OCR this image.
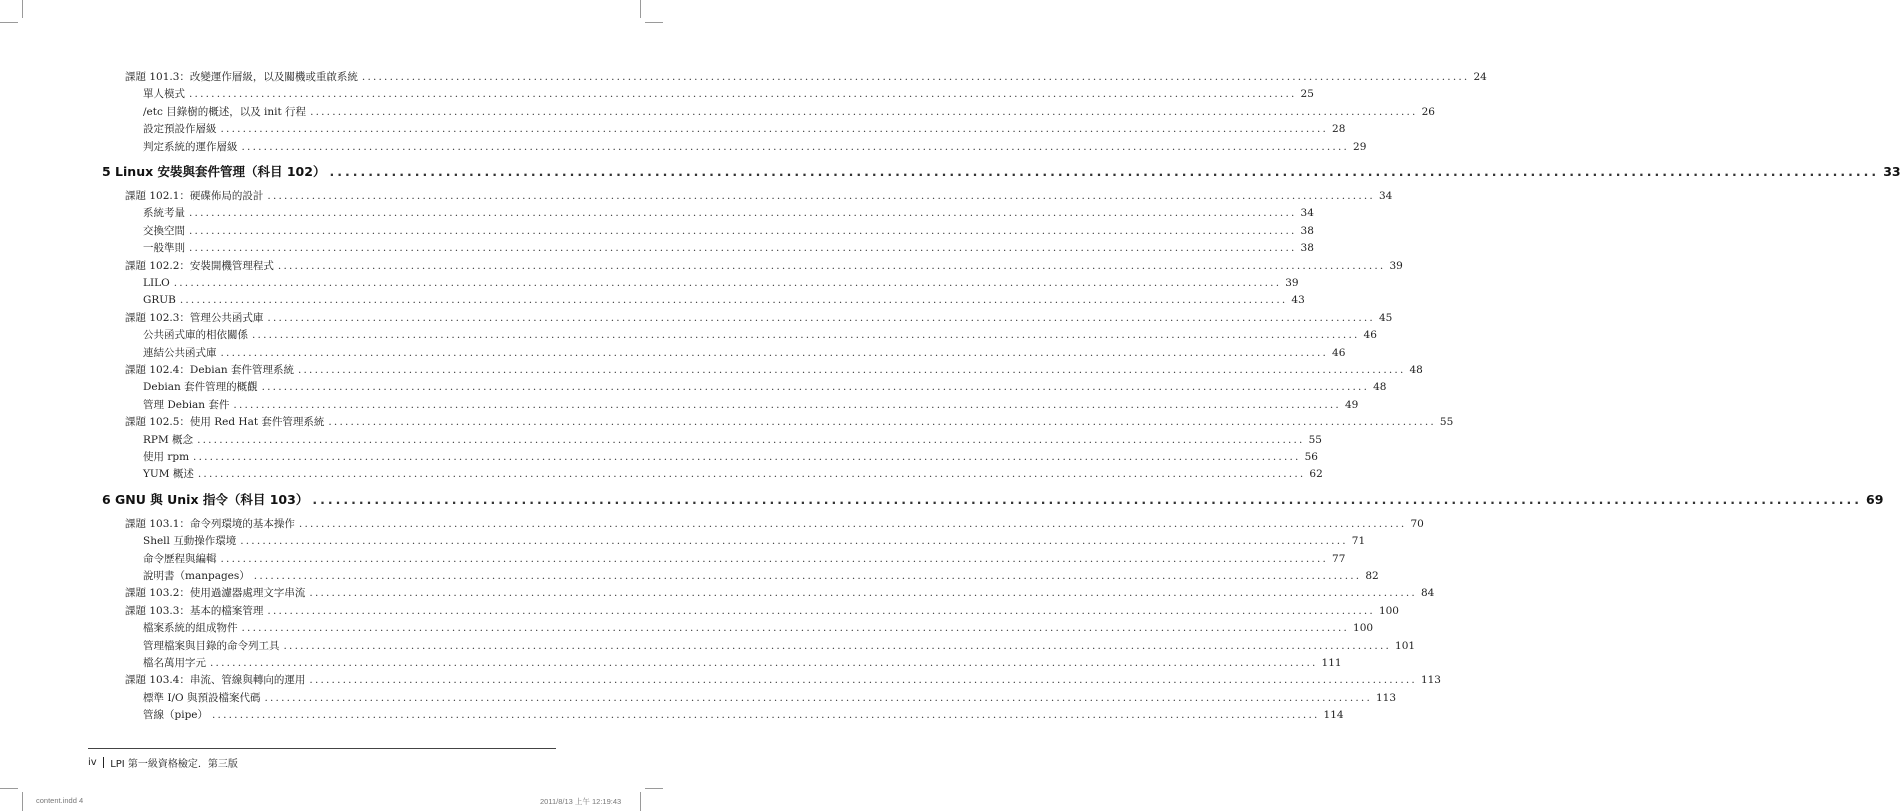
課題 101.3：改變運作層級，以及關機或重啟系統 ........................................................................................................................................................................................................ 24
單人模式 ........................................................................................................................................................................................................ 25
/etc 目錄樹的概述，以及 init 行程 ........................................................................................................................................................................................................ 26
設定預設作層級 ........................................................................................................................................................................................................ 28
判定系統的運作層級 ........................................................................................................................................................................................................ 29
5 Linux 安裝與套件管理（科目 102） ........................................................................................................................................................................................................ 33
課題 102.1：硬碟佈局的設計 ........................................................................................................................................................................................................ 34
系統考量 ........................................................................................................................................................................................................ 34
交換空間 ........................................................................................................................................................................................................ 38
一般準則 ........................................................................................................................................................................................................ 38
課題 102.2：安裝開機管理程式 ........................................................................................................................................................................................................ 39
LILO ........................................................................................................................................................................................................ 39
GRUB ........................................................................................................................................................................................................ 43
課題 102.3：管理公共函式庫 ........................................................................................................................................................................................................ 45
公共函式庫的相依關係 ........................................................................................................................................................................................................ 46
連結公共函式庫 ........................................................................................................................................................................................................ 46
課題 102.4：Debian 套件管理系統 ........................................................................................................................................................................................................ 48
Debian 套件管理的概觀 ........................................................................................................................................................................................................ 48
管理 Debian 套件 ........................................................................................................................................................................................................ 49
課題 102.5：使用 Red Hat 套件管理系統 ........................................................................................................................................................................................................ 55
RPM 概念 ........................................................................................................................................................................................................ 55
使用 rpm ........................................................................................................................................................................................................ 56
YUM 概述 ........................................................................................................................................................................................................ 62
6 GNU 與 Unix 指令（科目 103） ........................................................................................................................................................................................................ 69
課題 103.1：命令列環境的基本操作 ........................................................................................................................................................................................................ 70
Shell 互動操作環境 ........................................................................................................................................................................................................ 71
命令歷程與編輯 ........................................................................................................................................................................................................ 77
說明書（manpages） ........................................................................................................................................................................................................ 82
課題 103.2：使用過濾器處理文字串流 ........................................................................................................................................................................................................ 84
課題 103.3：基本的檔案管理 ........................................................................................................................................................................................................ 100
檔案系統的組成物件 ........................................................................................................................................................................................................ 100
管理檔案與目錄的命令列工具 ........................................................................................................................................................................................................ 101
檔名萬用字元 ........................................................................................................................................................................................................ 111
課題 103.4：串流、管線與轉向的運用 ........................................................................................................................................................................................................ 113
標準 I/O 與預設檔案代碼 ........................................................................................................................................................................................................ 113
管線（pipe） ........................................................................................................................................................................................................ 114
iv LPI 第一級資格檢定．第三版
content.indd 4	2011/8/13 上午 12:19:43
